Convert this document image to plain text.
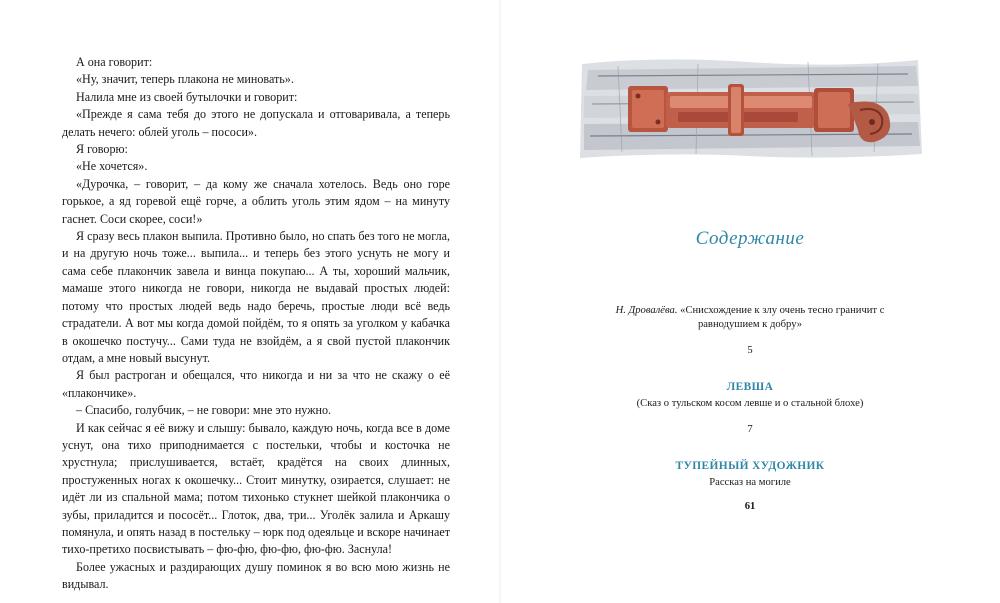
А она говорит:

«Ну, значит, теперь плакона не миновать».

Налила мне из своей бутылочки и говорит:

«Прежде я сама тебя до этого не допускала и отговаривала, а теперь делать нечего: облей уголь – пососи».

Я говорю:

«Не хочется».

«Дурочка, – говорит, – да кому же сначала хотелось. Ведь оно горе горькое, а яд горевой ещё горче, а облить уголь этим ядом – на минуту гаснет. Соси скорее, соси!»

Я сразу весь плакон выпила. Противно было, но спать без того не могла, и на другую ночь тоже... выпила... и теперь без этого уснуть не могу и сама себе плакончик завела и винца покупаю... А ты, хороший мальчик, мамаше этого никогда не говори, никогда не выдавай простых людей: потому что простых людей ведь надо беречь, простые люди всё ведь страдатели. А вот мы когда домой пойдём, то я опять за уголком у кабачка в окошечко постучу... Сами туда не взойдём, а я свой пустой плакончик отдам, а мне новый высунут.

Я был растроган и обещался, что никогда и ни за что не скажу о её «плакончике».

– Спасибо, голубчик, – не говори: мне это нужно.

И как сейчас я её вижу и слышу: бывало, каждую ночь, когда все в доме уснут, она тихо приподнимается с постельки, чтобы и косточка не хрустнула; прислушивается, встаёт, крадётся на своих длинных, простуженных ногах к окошечку... Стоит минутку, озирается, слушает: не идёт ли из спальной мама; потом тихонько стукнет шейкой плакончика о зубы, приладится и пососёт... Глоток, два, три... Уголёк залила и Аркашу помянула, и опять назад в постельку – юрк под одеяльце и вскоре начинает тихо-претихо посвистывать – фю-фю, фю-фю, фю-фю. Заснула!

Более ужасных и раздирающих душу поминок я во всю мою жизнь не видывал.

Содержание
Н. Дровалёва. «Снисхождение к злу очень тесно граничит с равнодушием к добру»
5
ЛЕВША
(Сказ о тульском косом левше и о стальной блохе)
7
ТУПЕЙНЫЙ ХУДОЖНИК
Рассказ на могиле
61
